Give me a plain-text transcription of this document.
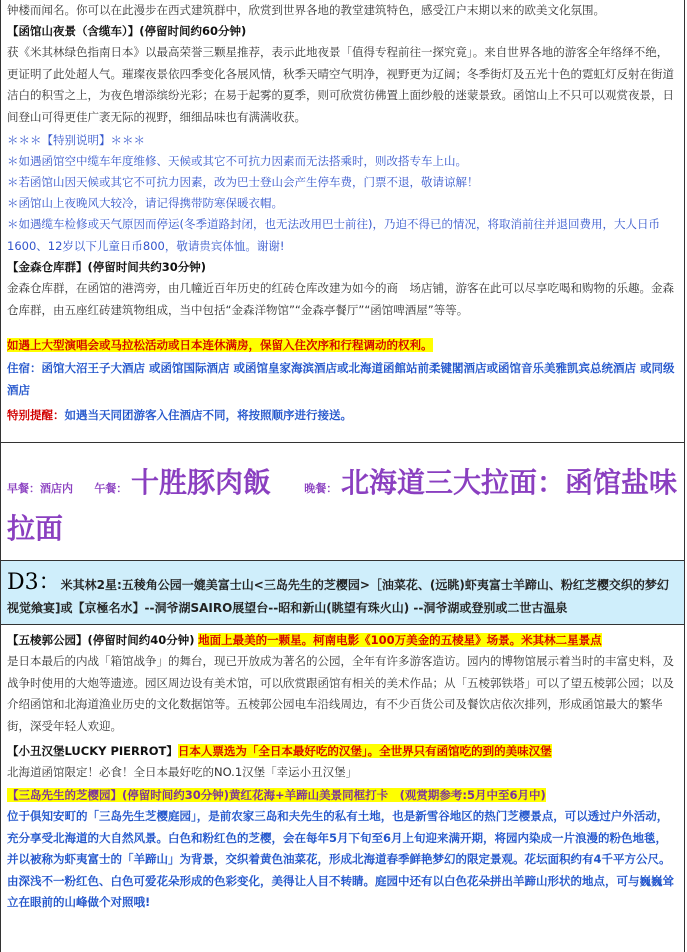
钟楼而闻名。你可以在此漫步在西式建筑群中，欣赏到世界各地的教堂建筑特色，感受江户末期以来的欧美文化氛围。

【函馆山夜景（含缆车）】(停留时间约60分钟)

获《米其林绿色指南日本》以最高荣誉三颗星推荐，表示此地夜景「值得专程前往一探究竟」。来自世界各地的游客全年络绎不绝，更证明了此处超人气。璀璨夜景依四季变化各展风情，秋季天晴空气明净，视野更为辽阔；冬季街灯及五光十色的霓虹灯反射在街道洁白的积雪之上，为夜色增添缤纷光彩；在易于起雾的夏季，则可欣赏彷佛置上面纱般的迷蒙景致。函馆山上不只可以观赏夜景，日间登山可得更佳广袤无际的视野，细细品味也有满满收获。

＊＊＊【特别说明】＊＊＊

＊如遇函馆空中缆车年度维修、天候或其它不可抗力因素而无法搭乘时，则改搭专车上山。

＊若函馆山因天候或其它不可抗力因素，改为巴士登山会产生停车费，门票不退，敬请谅解！

＊函馆山上夜晚风大较冷，请记得携带防寒保暖衣帽。

＊如遇缆车检修或天气原因而停运(冬季道路封闭，也无法改用巴士前往)，乃迫不得已的情况，将取消前往并退回费用，大人日币1600、12岁以下儿童日币800，敬请贵宾体恤。谢谢!

【金森仓库群】(停留时间共约30分钟)

金森仓库群，在函馆的港湾旁，由几幢近百年历史的红砖仓库改建为如今的商　场店铺，游客在此可以尽享吃喝和购物的乐趣。金森仓库群，由五座红砖建筑物组成，当中包括“金森洋物馆”“金森亭餐厅”“函馆啤酒屋”等等。

如遇上大型演唱会或马拉松活动或日本连休满房，保留入住次序和行程调动的权利。

住宿：函馆大沼王子大酒店 或函馆国际酒店 或函馆皇家海滨酒店或北海道函館站前柔键閣酒店或函馆音乐美雅凯宾总统酒店 或同级酒店

特别提醒：如遇当天同团游客入住酒店不同，将按照顺序进行接送。

早餐：酒店内 午餐： 十胜豚肉飯	晚餐： 北海道三大拉面：函馆盐味拉面
D3：米其林2星:五稜角公园一媲美富士山<三岛先生的芝樱园>［油菜花、(远眺)虾夷富士羊蹄山、粉红芝樱交织的梦幻视觉飨宴]或【京極名水】--洞爷湖SAIRO展望台--昭和新山(眺望有珠火山) --洞爷湖或登别或二世古温泉

【五棱郭公园】(停留时间约40分钟) 地面上最美的一颗星。柯南电影《100万美金的五棱星》场景。米其林二星景点

是日本最后的内战「箱馆战争」的舞台，现已开放成为著名的公园，全年有许多游客造访。园内的博物馆展示着当时的丰富史料，及战争时使用的大炮等遗迹。园区周边设有美术馆，可以欣赏跟函馆有相关的美术作品；从「五棱郭铁塔」可以了望五棱郭公园；以及介绍函馆和北海道渔业历史的文化数据馆等。五棱郭公园电车沿线周边，有不少百货公司及餐饮店依次排列，形成函馆最大的繁华街，深受年轻人欢迎。

【小丑汉堡LUCKY PIERROT】日本人票选为「全日本最好吃的汉堡」。全世界只有函馆吃的到的美味汉堡

北海道函馆限定！必食！全日本最好吃的NO.1汉堡「幸运小丑汉堡」

【三岛先生的芝樱园】(停留时间约30分钟)黄红花海+羊蹄山美景同框打卡　(观赏期参考:5月中至6月中)

位于俱知安町的「三岛先生芝樱庭园」，是前农家三岛和夫先生的私有土地，也是新雪谷地区的热门芝樱景点，可以透过户外活动，充分享受北海道的大自然风景。白色和粉红色的芝樱，会在每年5月下旬至6月上旬迎来满开期，将园内染成一片浪漫的粉色地毯，并以被称为虾夷富士的「羊蹄山」为背景，交织着黄色油菜花，形成北海道春季鲜艳梦幻的限定景观。花坛面积约有4千平方公尺。由深浅不一粉红色、白色可爱花朵形成的色彩变化，美得让人目不转睛。庭园中还有以白色花朵拼出羊蹄山形状的地点，可与巍巍耸立在眼前的山峰做个对照哦!
